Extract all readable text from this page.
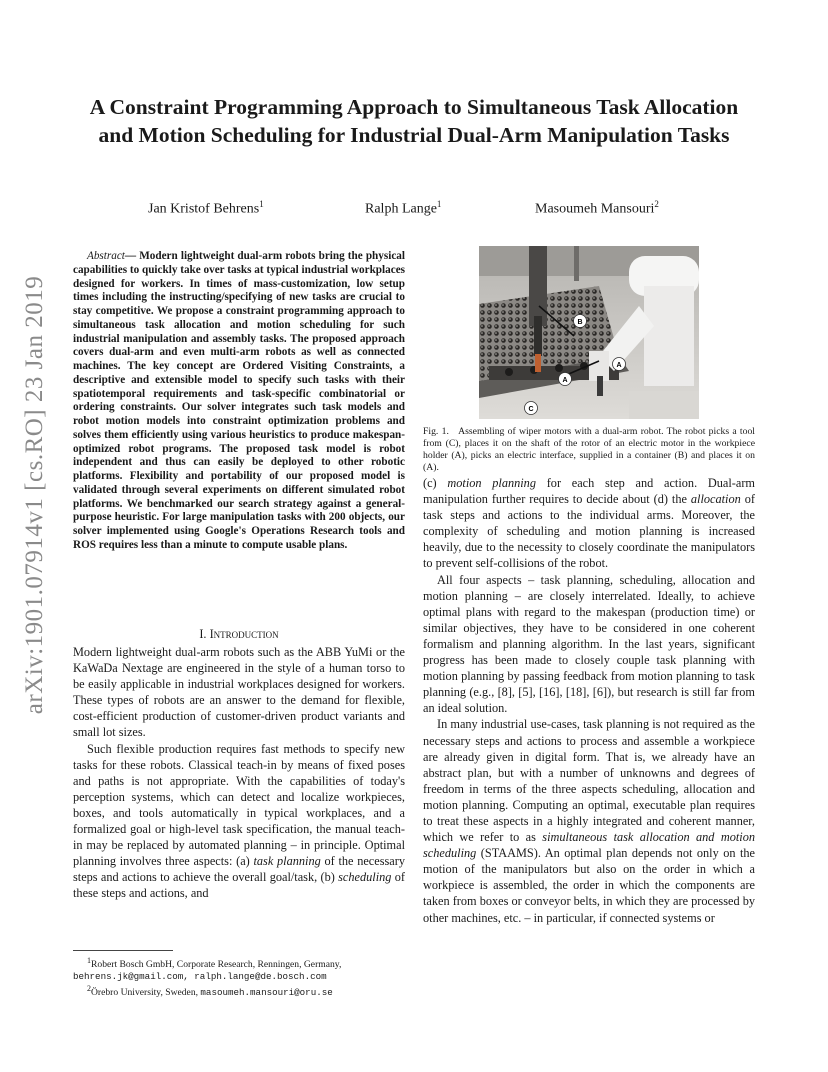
arXiv:1901.07914v1 [cs.RO] 23 Jan 2019
A Constraint Programming Approach to Simultaneous Task Allocation and Motion Scheduling for Industrial Dual-Arm Manipulation Tasks
Jan Kristof Behrens$^1$	Ralph Lange$^1$	Masoumeh Mansouri$^2$
Abstract— Modern lightweight dual-arm robots bring the physical capabilities to quickly take over tasks at typical industrial workplaces designed for workers. In times of mass-customization, low setup times including the instructing/specifying of new tasks are crucial to stay competitive. We propose a constraint programming approach to simultaneous task allocation and motion scheduling for such industrial manipulation and assembly tasks. The proposed approach covers dual-arm and even multi-arm robots as well as connected machines. The key concept are Ordered Visiting Constraints, a descriptive and extensible model to specify such tasks with their spatiotemporal requirements and task-specific combinatorial or ordering constraints. Our solver integrates such task models and robot motion models into constraint optimization problems and solves them efficiently using various heuristics to produce makespan-optimized robot programs. The proposed task model is robot independent and thus can easily be deployed to other robotic platforms. Flexibility and portability of our proposed model is validated through several experiments on different simulated robot platforms. We benchmarked our search strategy against a general-purpose heuristic. For large manipulation tasks with 200 objects, our solver implemented using Google's Operations Research tools and ROS requires less than a minute to compute usable plans.
I. Introduction

Modern lightweight dual-arm robots such as the ABB YuMi or the KaWaDa Nextage are engineered in the style of a human torso to be easily applicable in industrial workplaces designed for workers. These types of robots are an answer to the demand for flexible, cost-efficient production of customer-driven product variants and small lot sizes.

Such flexible production requires fast methods to specify new tasks for these robots. Classical teach-in by means of fixed poses and paths is not appropriate. With the capabilities of today's perception systems, which can detect and localize workpieces, boxes, and tools automatically in typical workplaces, and a formalized goal or high-level task specification, the manual teach-in may be replaced by automated planning – in principle. Optimal planning involves three aspects: (a) task planning of the necessary steps and actions to achieve the overall goal/task, (b) scheduling of these steps and actions, and

$^1$Robert Bosch GmbH, Corporate Research, Renningen, Germany, behrens.jk@gmail.com, ralph.lange@de.bosch.com
$^2$Örebro University, Sweden, masoumeh.mansouri@oru.se
B
A
A
C
Fig. 1. Assembling of wiper motors with a dual-arm robot. The robot picks a tool from (C), places it on the shaft of the rotor of an electric motor in the workpiece holder (A), picks an electric interface, supplied in a container (B) and places it on (A).

(c) motion planning for each step and action. Dual-arm manipulation further requires to decide about (d) the allocation of task steps and actions to the individual arms. Moreover, the complexity of scheduling and motion planning is increased heavily, due to the necessity to closely coordinate the manipulators to prevent self-collisions of the robot.

All four aspects – task planning, scheduling, allocation and motion planning – are closely interrelated. Ideally, to achieve optimal plans with regard to the makespan (production time) or similar objectives, they have to be considered in one coherent formalism and planning algorithm. In the last years, significant progress has been made to closely couple task planning with motion planning by passing feedback from motion planning to task planning (e.g., [8], [5], [16], [18], [6]), but research is still far from an ideal solution.

In many industrial use-cases, task planning is not required as the necessary steps and actions to process and assemble a workpiece are already given in digital form. That is, we already have an abstract plan, but with a number of unknowns and degrees of freedom in terms of the three aspects scheduling, allocation and motion planning. Computing an optimal, executable plan requires to treat these aspects in a highly integrated and coherent manner, which we refer to as simultaneous task allocation and motion scheduling (STAAMS). An optimal plan depends not only on the motion of the manipulators but also on the order in which a workpiece is assembled, the order in which the components are taken from boxes or conveyor belts, in which they are processed by other machines, etc. – in particular, if connected systems or
